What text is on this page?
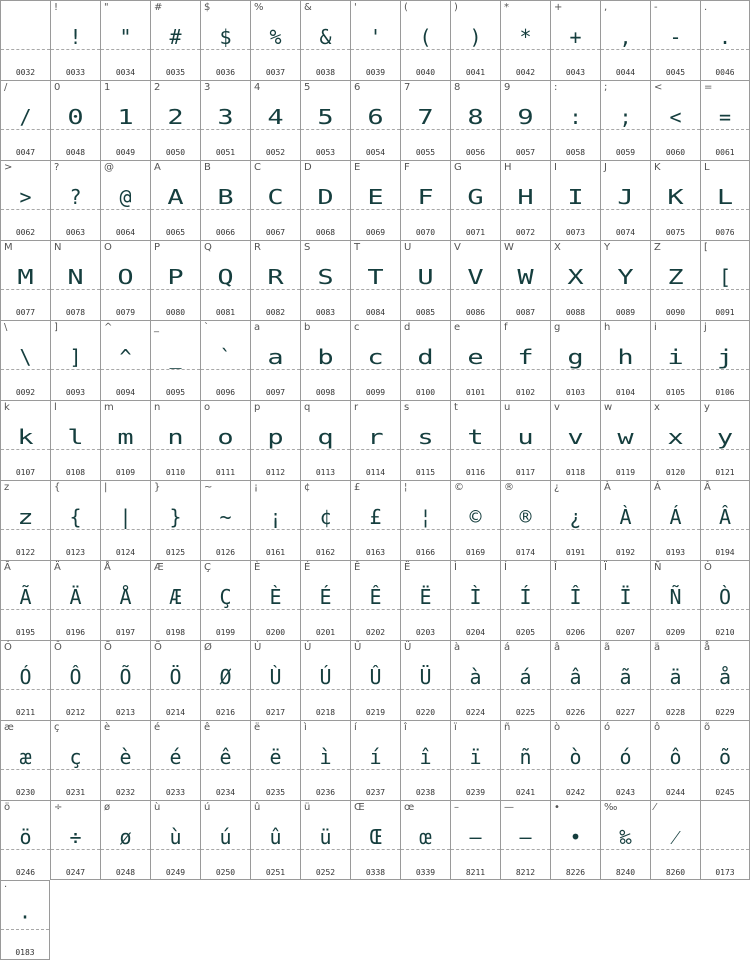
0032
!
!
0033
"
"
0034
#
#
0035
$
$
0036
%
%
0037
&
&
0038
'
'
0039
(
(
0040
)
)
0041
*
*
0042
+
+
0043
,
,
0044
-
-
0045
.
.
0046
/
/
0047
0
0
0048
1
1
0049
2
2
0050
3
3
0051
4
4
0052
5
5
0053
6
6
0054
7
7
0055
8
8
0056
9
9
0057
:
:
0058
;
;
0059
<
<
0060
=
=
0061
>
>
0062
?
?
0063
@
@
0064
A
A
0065
B
B
0066
C
C
0067
D
D
0068
E
E
0069
F
F
0070
G
G
0071
H
H
0072
I
I
0073
J
J
0074
K
K
0075
L
L
0076
M
M
0077
N
N
0078
O
O
0079
P
P
0080
Q
Q
0081
R
R
0082
S
S
0083
T
T
0084
U
U
0085
V
V
0086
W
W
0087
X
X
0088
Y
Y
0089
Z
Z
0090
[
[
0091
\
\
0092
]
]
0093
^
^
0094
_
_
0095
`
`
0096
a
a
0097
b
b
0098
c
c
0099
d
d
0100
e
e
0101
f
f
0102
g
g
0103
h
h
0104
i
i
0105
j
j
0106
k
k
0107
l
l
0108
m
m
0109
n
n
0110
o
o
0111
p
p
0112
q
q
0113
r
r
0114
s
s
0115
t
t
0116
u
u
0117
v
v
0118
w
w
0119
x
x
0120
y
y
0121
z
z
0122
{
{
0123
|
|
0124
}
}
0125
~
~
0126
¡
¡
0161
¢
¢
0162
£
£
0163
¦
¦
0166
©
©
0169
®
®
0174
¿
¿
0191
À
À
0192
Á
Á
0193
Â
Â
0194
Ã
Ã
0195
Ä
Ä
0196
Å
Å
0197
Æ
Æ
0198
Ç
Ç
0199
È
È
0200
É
É
0201
Ê
Ê
0202
Ë
Ë
0203
Ì
Ì
0204
Í
Í
0205
Î
Î
0206
Ï
Ï
0207
Ñ
Ñ
0209
Ò
Ò
0210
Ó
Ó
0211
Ô
Ô
0212
Õ
Õ
0213
Ö
Ö
0214
Ø
Ø
0216
Ù
Ù
0217
Ú
Ú
0218
Û
Û
0219
Ü
Ü
0220
à
à
0224
á
á
0225
â
â
0226
ã
ã
0227
ä
ä
0228
å
å
0229
æ
æ
0230
ç
ç
0231
è
è
0232
é
é
0233
ê
ê
0234
ë
ë
0235
ì
ì
0236
í
í
0237
î
î
0238
ï
ï
0239
ñ
ñ
0241
ò
ò
0242
ó
ó
0243
ô
ô
0244
õ
õ
0245
ö
ö
0246
÷
÷
0247
ø
ø
0248
ù
ù
0249
ú
ú
0250
û
û
0251
ü
ü
0252
Œ
Œ
0338
œ
œ
0339
–
–
8211
—
—
8212
•
•
8226
‰
‰
8240
⁄
⁄
8260	0173
·
·
0183
